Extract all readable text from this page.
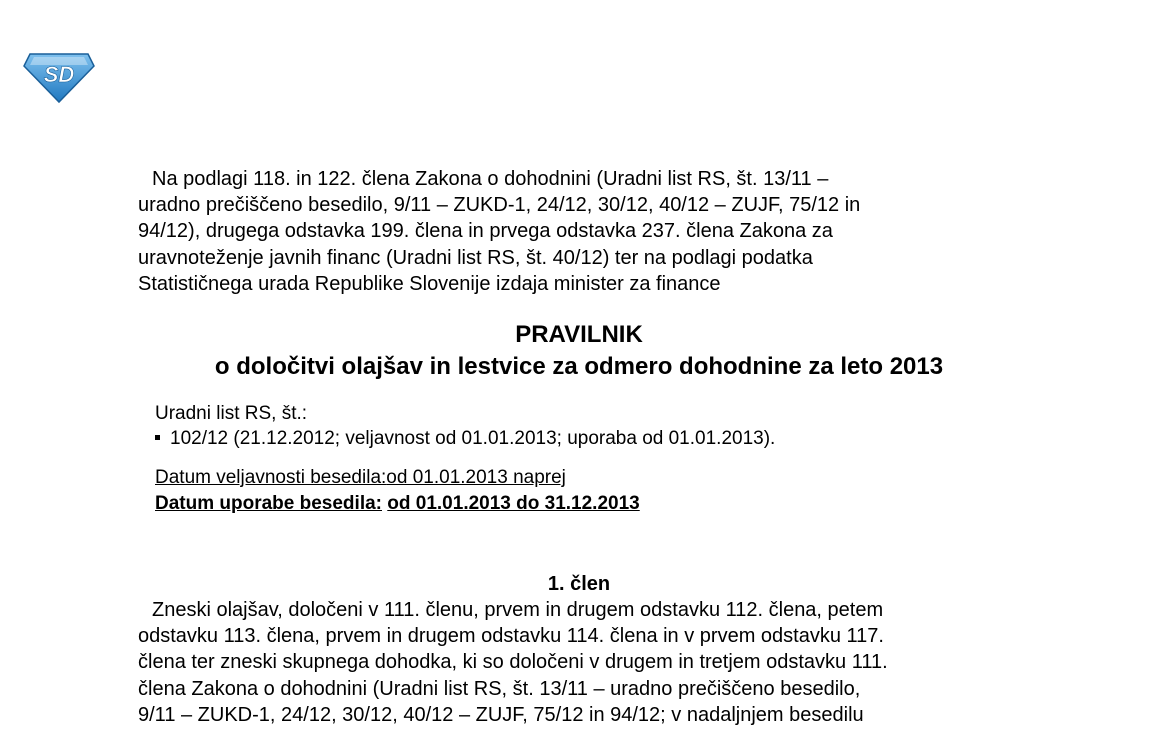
SD

Na podlagi 118. in 122. člena Zakona o dohodnini (Uradni list RS, št. 13/11 –
uradno prečiščeno besedilo, 9/11 – ZUKD-1, 24/12, 30/12, 40/12 – ZUJF, 75/12 in
94/12), drugega odstavka 199. člena in prvega odstavka 237. člena Zakona za
uravnoteženje javnih financ (Uradni list RS, št. 40/12) ter na podlagi podatka
Statističnega urada Republike Slovenije izdaja minister za finance

PRAVILNIK
o določitvi olajšav in lestvice za odmero dohodnine za leto 2013
Uradni list RS, št.:
102/12 (21.12.2012; veljavnost od 01.01.2013; uporaba od 01.01.2013).
Datum veljavnosti besedila:od 01.01.2013 naprej
Datum uporabe besedila: od 01.01.2013 do 31.12.2013
1. člen

Zneski olajšav, določeni v 111. členu, prvem in drugem odstavku 112. člena, petem
odstavku 113. člena, prvem in drugem odstavku 114. člena in v prvem odstavku 117.
člena ter zneski skupnega dohodka, ki so določeni v drugem in tretjem odstavku 111.
člena Zakona o dohodnini (Uradni list RS, št. 13/11 – uradno prečiščeno besedilo,
9/11 – ZUKD-1, 24/12, 30/12, 40/12 – ZUJF, 75/12 in 94/12; v nadaljnjem besedilu
